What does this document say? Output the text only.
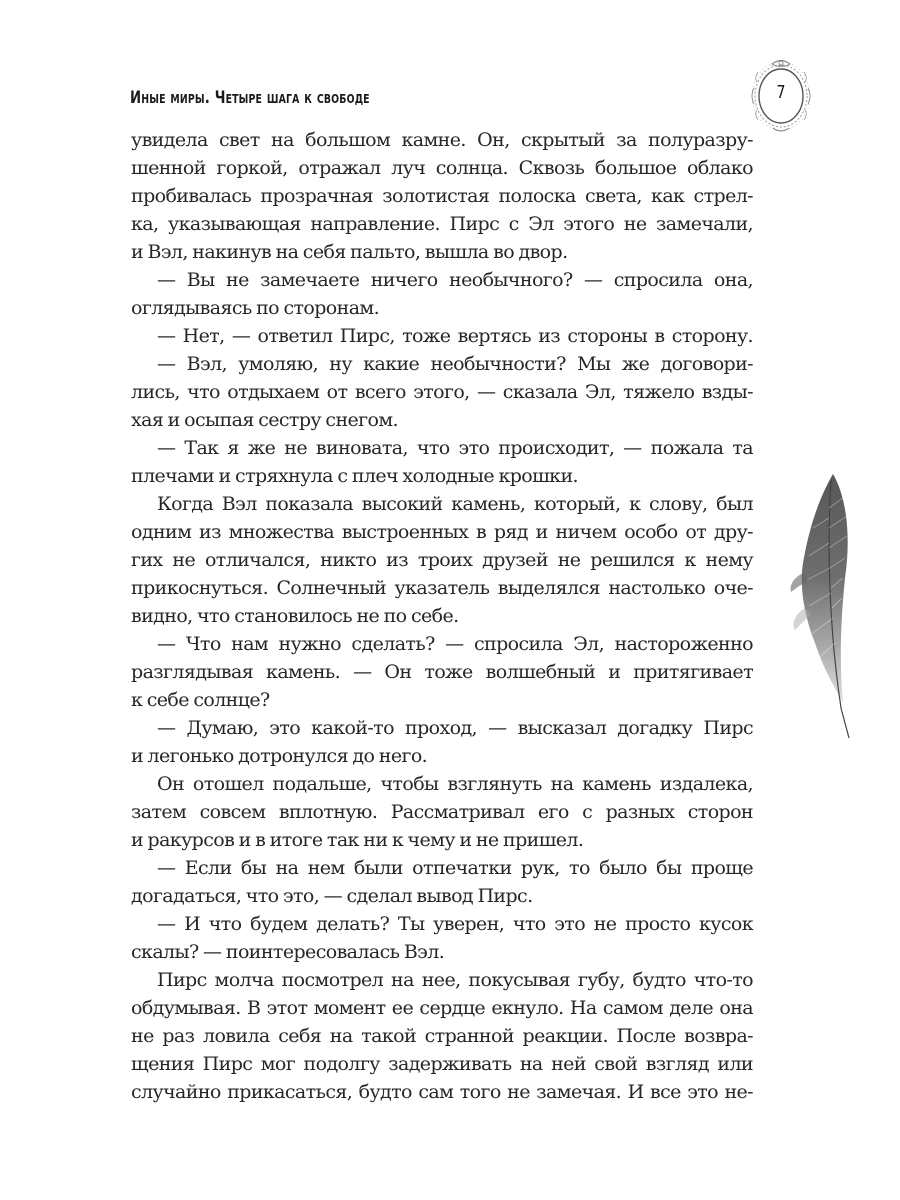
Иные миры. Четыре шага к свободе	7
увидела свет на большом камне. Он, скрытый за полуразру-
шенной горкой, отражал луч солнца. Сквозь большое облако
пробивалась прозрачная золотистая полоска света, как стрел-
ка, указывающая направление. Пирс с Эл этого не замечали,
и Вэл, накинув на себя пальто, вышла во двор.
— Вы не замечаете ничего необычного? — спросила она,
оглядываясь по сторонам.
— Нет, — ответил Пирс, тоже вертясь из стороны в сторону.
— Вэл, умоляю, ну какие необычности? Мы же договори-
лись, что отдыхаем от всего этого, — сказала Эл, тяжело взды-
хая и осыпая сестру снегом.
— Так я же не виновата, что это происходит, — пожала та
плечами и стряхнула с плеч холодные крошки.
Когда Вэл показала высокий камень, который, к слову, был
одним из множества выстроенных в ряд и ничем особо от дру-
гих не отличался, никто из троих друзей не решился к нему
прикоснуться. Солнечный указатель выделялся настолько оче-
видно, что становилось не по себе.
— Что нам нужно сделать? — спросила Эл, настороженно
разглядывая камень. — Он тоже волшебный и притягивает
к себе солнце?
— Думаю, это какой-то проход, — высказал догадку Пирс
и легонько дотронулся до него.
Он отошел подальше, чтобы взглянуть на камень издалека,
затем совсем вплотную. Рассматривал его с разных сторон
и ракурсов и в итоге так ни к чему и не пришел.
— Если бы на нем были отпечатки рук, то было бы проще
догадаться, что это, — сделал вывод Пирс.
— И что будем делать? Ты уверен, что это не просто кусок
скалы? — поинтересовалась Вэл.
Пирс молча посмотрел на нее, покусывая губу, будто что-то
обдумывая. В этот момент ее сердце екнуло. На самом деле она
не раз ловила себя на такой странной реакции. После возвра-
щения Пирс мог подолгу задерживать на ней свой взгляд или
случайно прикасаться, будто сам того не замечая. И все это не-
